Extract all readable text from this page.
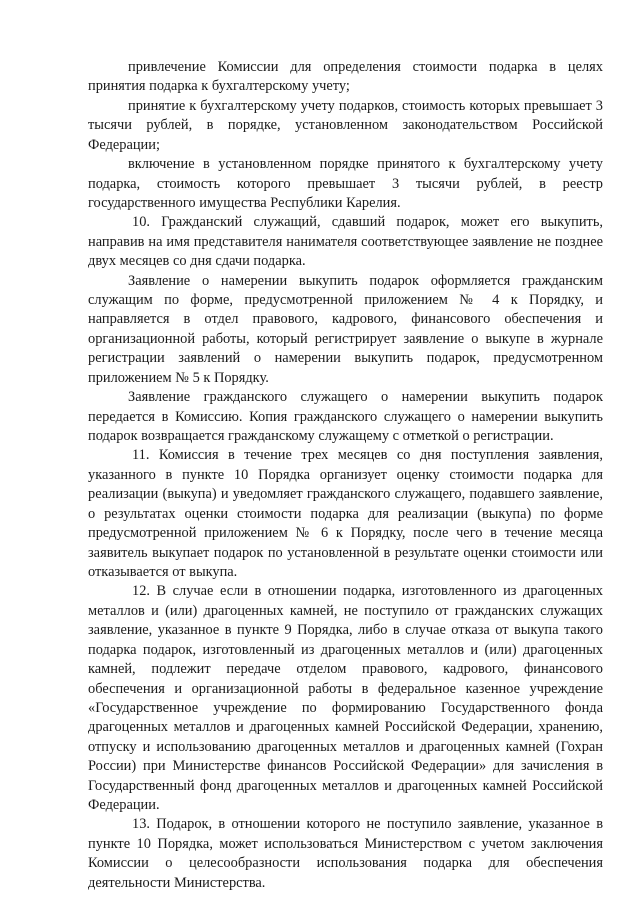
привлечение Комиссии для определения стоимости подарка в целях принятия подарка к бухгалтерскому учету;

принятие к бухгалтерскому учету подарков, стоимость которых превышает 3 тысячи рублей, в порядке, установленном законодательством Российской Федерации;

включение в установленном порядке принятого к бухгалтерскому учету подарка, стоимость которого превышает 3 тысячи рублей, в реестр государственного имущества Республики Карелия.

10. Гражданский служащий, сдавший подарок, может его выкупить, направив на имя представителя нанимателя соответствующее заявление не позднее двух месяцев со дня сдачи подарка.

Заявление о намерении выкупить подарок оформляется гражданским служащим по форме, предусмотренной приложением № 4 к Порядку, и направляется в отдел правового, кадрового, финансового обеспечения и организационной работы, который регистрирует заявление о выкупе в журнале регистрации заявлений о намерении выкупить подарок, предусмотренном приложением № 5 к Порядку.

Заявление гражданского служащего о намерении выкупить подарок передается в Комиссию. Копия гражданского служащего о намерении выкупить подарок возвращается гражданскому служащему с отметкой о регистрации.

11. Комиссия в течение трех месяцев со дня поступления заявления, указанного в пункте 10 Порядка организует оценку стоимости подарка для реализации (выкупа) и уведомляет гражданского служащего, подавшего заявление, о результатах оценки стоимости подарка для реализации (выкупа) по форме предусмотренной приложением № 6 к Порядку, после чего в течение месяца заявитель выкупает подарок по установленной в результате оценки стоимости или отказывается от выкупа.

12. В случае если в отношении подарка, изготовленного из драгоценных металлов и (или) драгоценных камней, не поступило от гражданских служащих заявление, указанное в пункте 9 Порядка, либо в случае отказа от выкупа такого подарка подарок, изготовленный из драгоценных металлов и (или) драгоценных камней, подлежит передаче отделом правового, кадрового, финансового обеспечения и организационной работы в федеральное казенное учреждение «Государственное учреждение по формированию Государственного фонда драгоценных металлов и драгоценных камней Российской Федерации, хранению, отпуску и использованию драгоценных металлов и драгоценных камней (Гохран России) при Министерстве финансов Российской Федерации» для зачисления в Государственный фонд драгоценных металлов и драгоценных камней Российской Федерации.

13. Подарок, в отношении которого не поступило заявление, указанное в пункте 10 Порядка, может использоваться Министерством с учетом заключения Комиссии о целесообразности использования подарка для обеспечения деятельности Министерства.
